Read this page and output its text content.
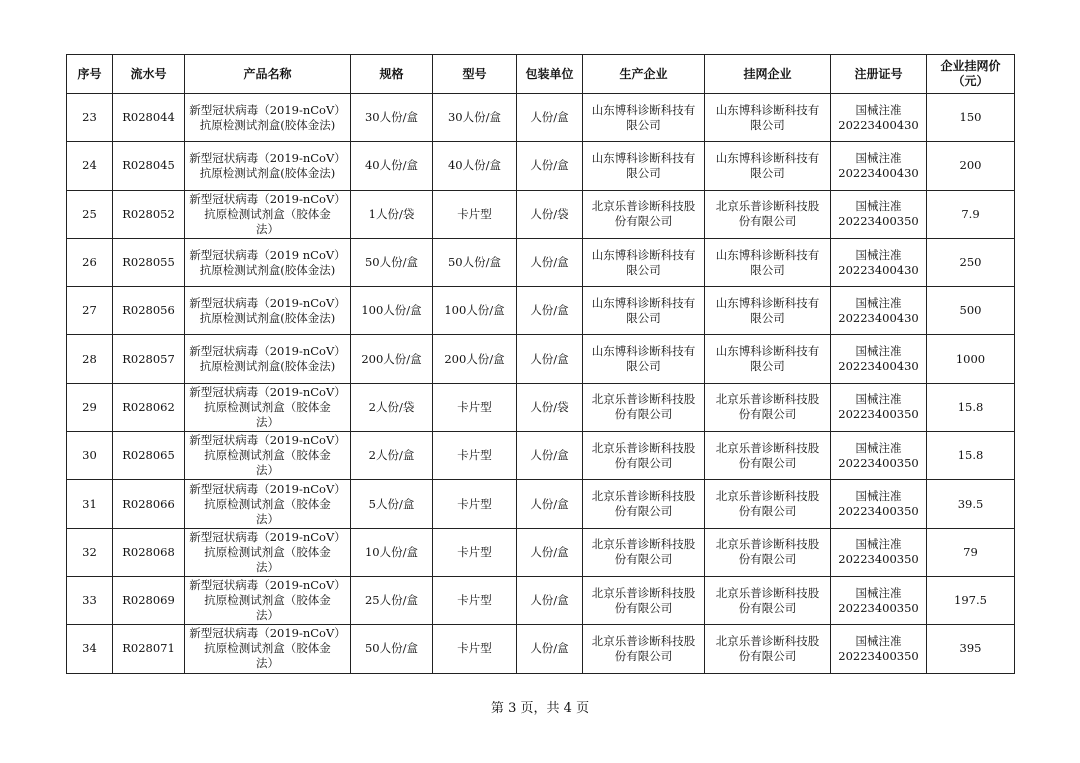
序号	流水号	产品名称	规格	型号	包装单位	生产企业	挂网企业	注册证号	企业挂网价
（元）
23	R028044	新型冠状病毒（2019-nCoV）
抗原检测试剂盒(胶体金法)	30人份/盒	30人份/盒	人份/盒	山东博科诊断科技有
限公司	山东博科诊断科技有
限公司	国械注准
20223400430	150
24	R028045	新型冠状病毒（2019-nCoV）
抗原检测试剂盒(胶体金法)	40人份/盒	40人份/盒	人份/盒	山东博科诊断科技有
限公司	山东博科诊断科技有
限公司	国械注准
20223400430	200
25	R028052	新型冠状病毒（2019-nCoV）
抗原检测试剂盒（胶体金
法）	1人份/袋	卡片型	人份/袋	北京乐普诊断科技股
份有限公司	北京乐普诊断科技股
份有限公司	国械注准
20223400350	7.9
26	R028055	新型冠状病毒（2019 nCoV）
抗原检测试剂盒(胶体金法)	50人份/盒	50人份/盒	人份/盒	山东博科诊断科技有
限公司	山东博科诊断科技有
限公司	国械注准
20223400430	250
27	R028056	新型冠状病毒（2019-nCoV）
抗原检测试剂盒(胶体金法)	100人份/盒	100人份/盒	人份/盒	山东博科诊断科技有
限公司	山东博科诊断科技有
限公司	国械注准
20223400430	500
28	R028057	新型冠状病毒（2019-nCoV）
抗原检测试剂盒(胶体金法)	200人份/盒	200人份/盒	人份/盒	山东博科诊断科技有
限公司	山东博科诊断科技有
限公司	国械注准
20223400430	1000
29	R028062	新型冠状病毒（2019-nCoV）
抗原检测试剂盒（胶体金
法）	2人份/袋	卡片型	人份/袋	北京乐普诊断科技股
份有限公司	北京乐普诊断科技股
份有限公司	国械注准
20223400350	15.8
30	R028065	新型冠状病毒（2019-nCoV）
抗原检测试剂盒（胶体金
法）	2人份/盒	卡片型	人份/盒	北京乐普诊断科技股
份有限公司	北京乐普诊断科技股
份有限公司	国械注准
20223400350	15.8
31	R028066	新型冠状病毒（2019-nCoV）
抗原检测试剂盒（胶体金
法）	5人份/盒	卡片型	人份/盒	北京乐普诊断科技股
份有限公司	北京乐普诊断科技股
份有限公司	国械注准
20223400350	39.5
32	R028068	新型冠状病毒（2019-nCoV）
抗原检测试剂盒（胶体金
法）	10人份/盒	卡片型	人份/盒	北京乐普诊断科技股
份有限公司	北京乐普诊断科技股
份有限公司	国械注准
20223400350	79
33	R028069	新型冠状病毒（2019-nCoV）
抗原检测试剂盒（胶体金
法）	25人份/盒	卡片型	人份/盒	北京乐普诊断科技股
份有限公司	北京乐普诊断科技股
份有限公司	国械注准
20223400350	197.5
34	R028071	新型冠状病毒（2019-nCoV）
抗原检测试剂盒（胶体金
法）	50人份/盒	卡片型	人份/盒	北京乐普诊断科技股
份有限公司	北京乐普诊断科技股
份有限公司	国械注准
20223400350	395
第 3 页，共 4 页
